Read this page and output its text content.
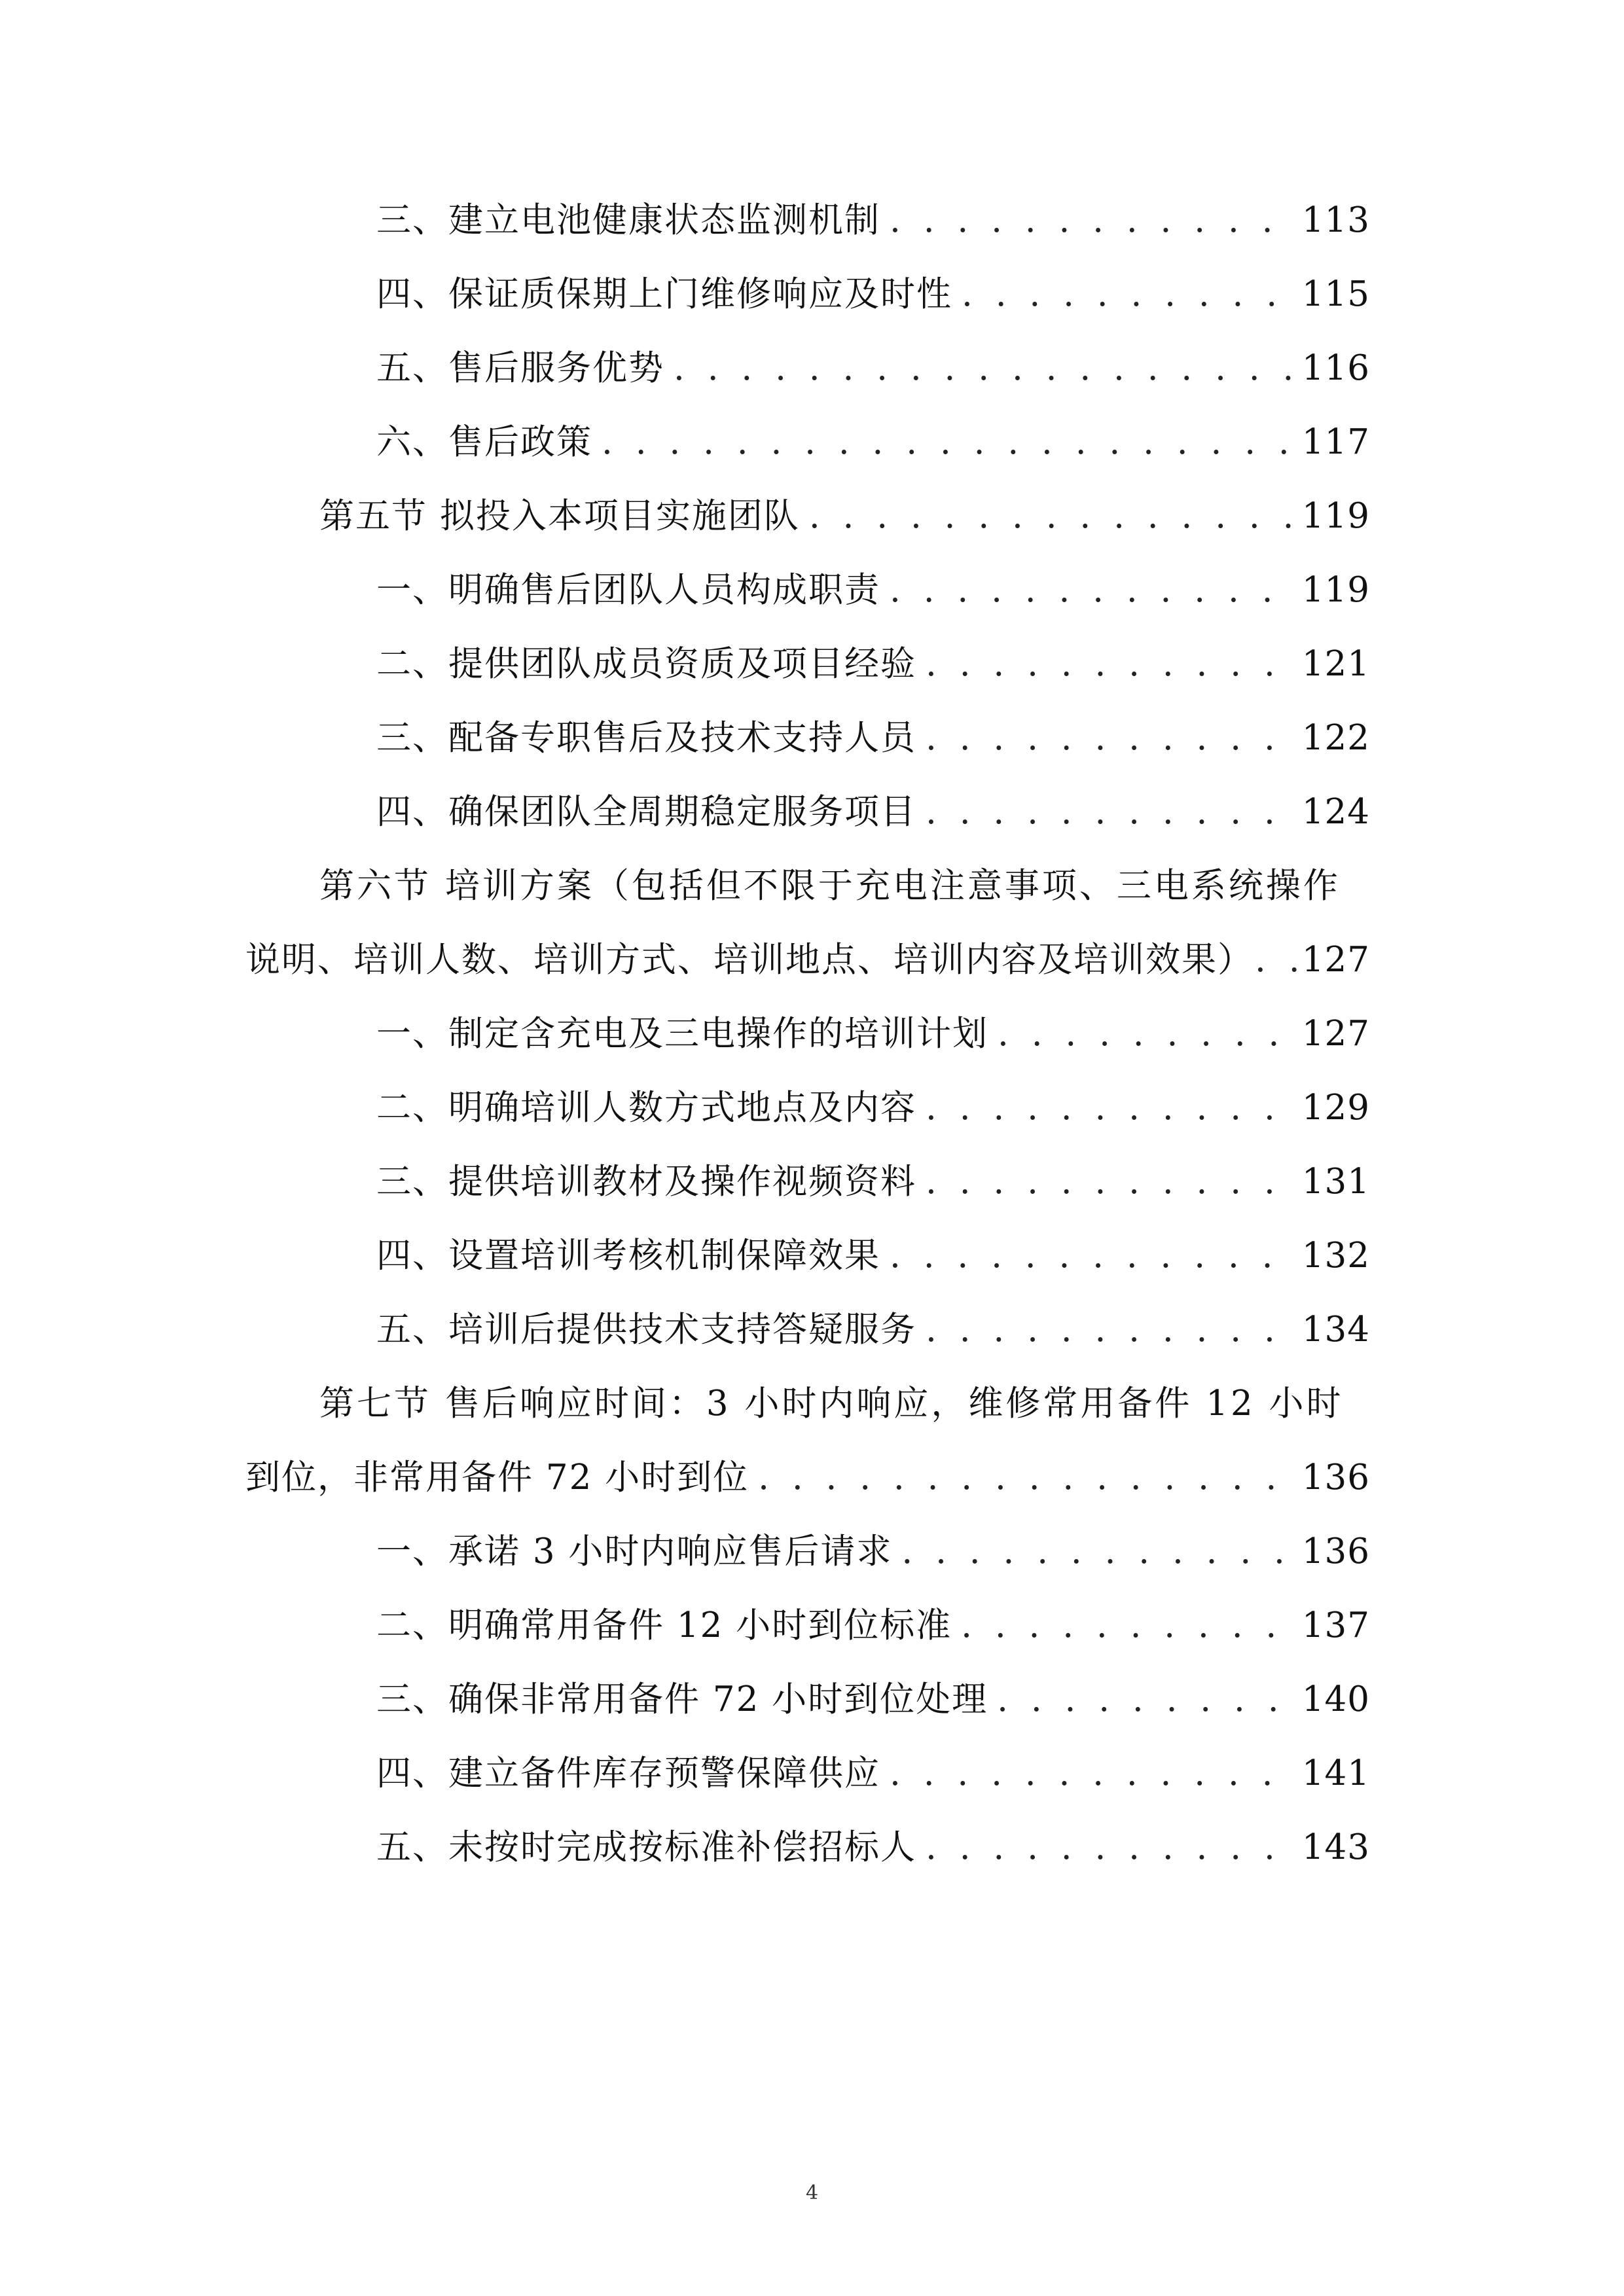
三、建立电池健康状态监测机制 . . .	113
四、保证质保期上门维修响应及时性 . . .	115
五、售后服务优势 . . .	116
六、售后政策 . . .	117
第五节 拟投入本项目实施团队 . . .	119
一、明确售后团队人员构成职责 . . .	119
二、提供团队成员资质及项目经验 . . .	121
三、配备专职售后及技术支持人员 . . .	122
四、确保团队全周期稳定服务项目 . . .	124
第六节 培训方案（包括但不限于充电注意事项、三电系统操作
说明、培训人数、培训方式、培训地点、培训内容及培训效果） . . . 127
一、制定含充电及三电操作的培训计划 . . .	127
二、明确培训人数方式地点及内容 . . .	129
三、提供培训教材及操作视频资料 . . .	131
四、设置培训考核机制保障效果 . . .	132
五、培训后提供技术支持答疑服务 . . .	134
第七节 售后响应时间：3 小时内响应，维修常用备件 12 小时
到位，非常用备件 72 小时到位 . . .	136
一、承诺 3 小时内响应售后请求 . . .	136
二、明确常用备件 12 小时到位标准 . . .	137
三、确保非常用备件 72 小时到位处理 . . .	140
四、建立备件库存预警保障供应 . . .	141
五、未按时完成按标准补偿招标人 . . .	143
4
